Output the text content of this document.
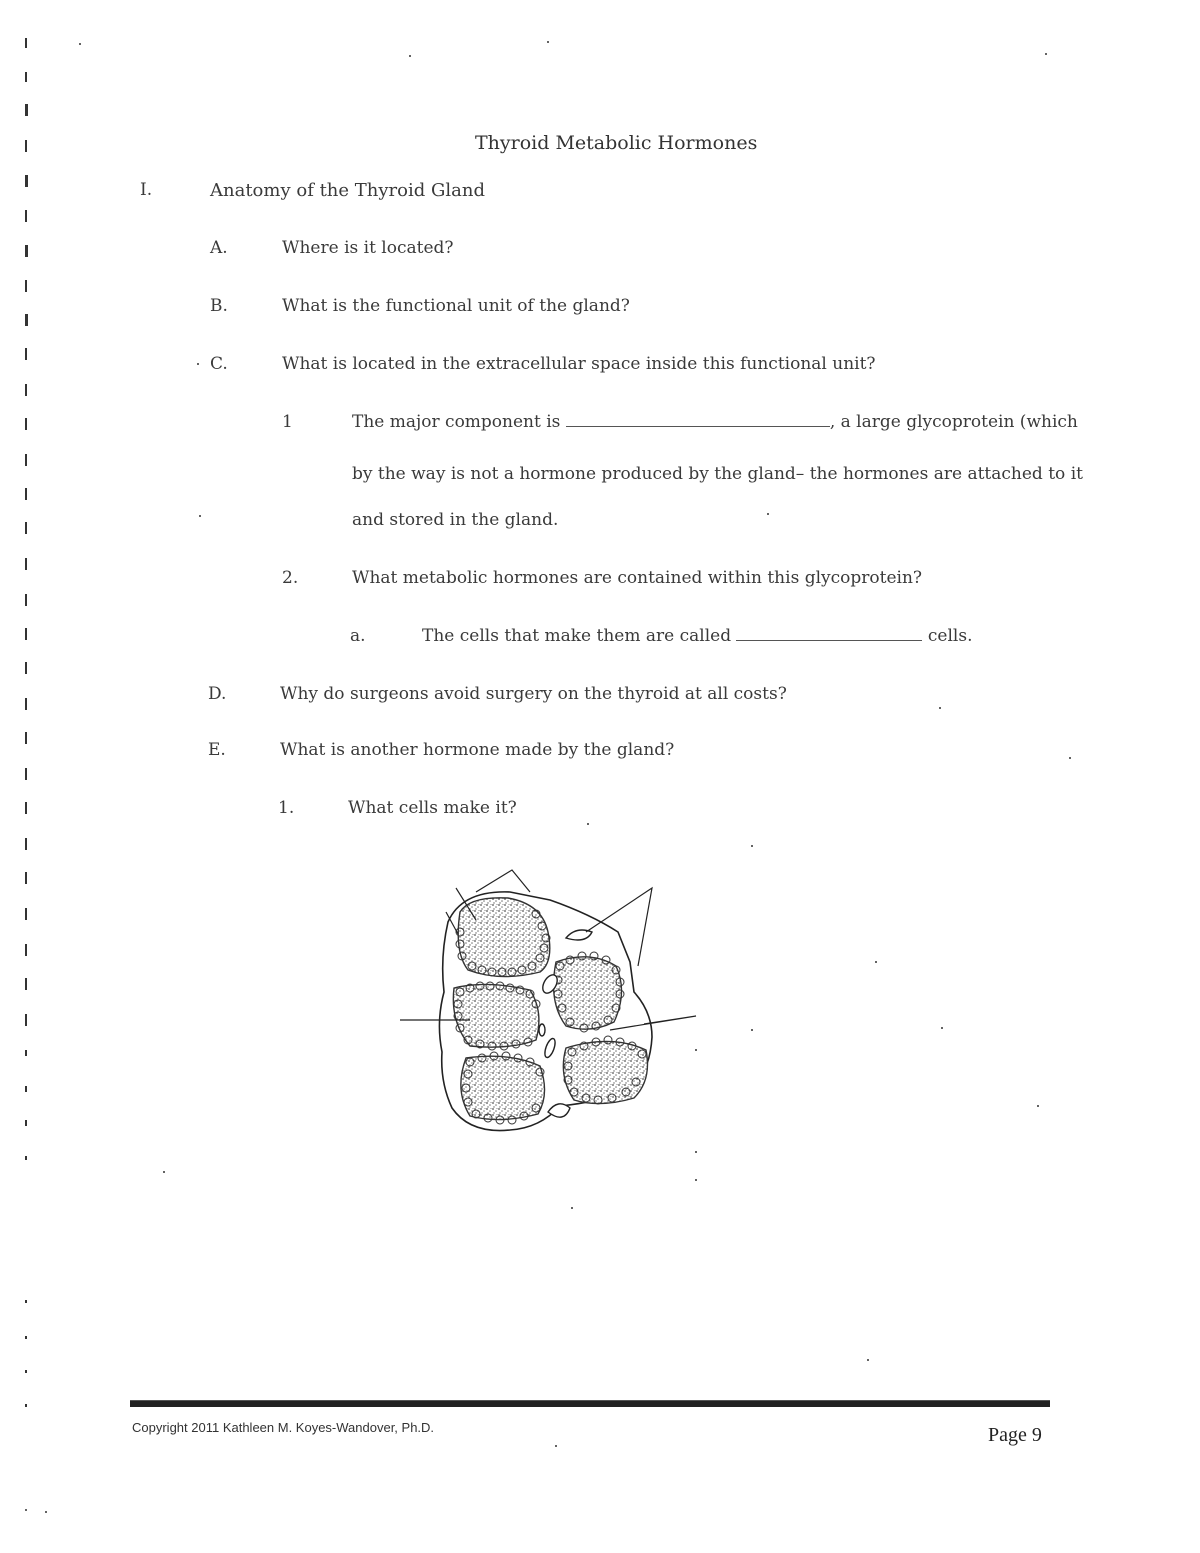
Thyroid Metabolic Hormones
I.	Anatomy of the Thyroid Gland
A.	Where is it located?
B.	What is the functional unit of the gland?
C.	What is located in the extracellular space inside this functional unit?
1	The major component is	, a large glycoprotein (which
by the way is not a hormone produced by the gland– the hormones are attached to it
and stored in the gland.
2.	What metabolic hormones are contained within this glycoprotein?
a.	The cells that make them are called	cells.
D.	Why do surgeons avoid surgery on the thyroid at all costs?
E.	What is another hormone made by the gland?
1.	What cells make it?
Copyright 2011 Kathleen M. Koyes-Wandover, Ph.D.	Page 9
